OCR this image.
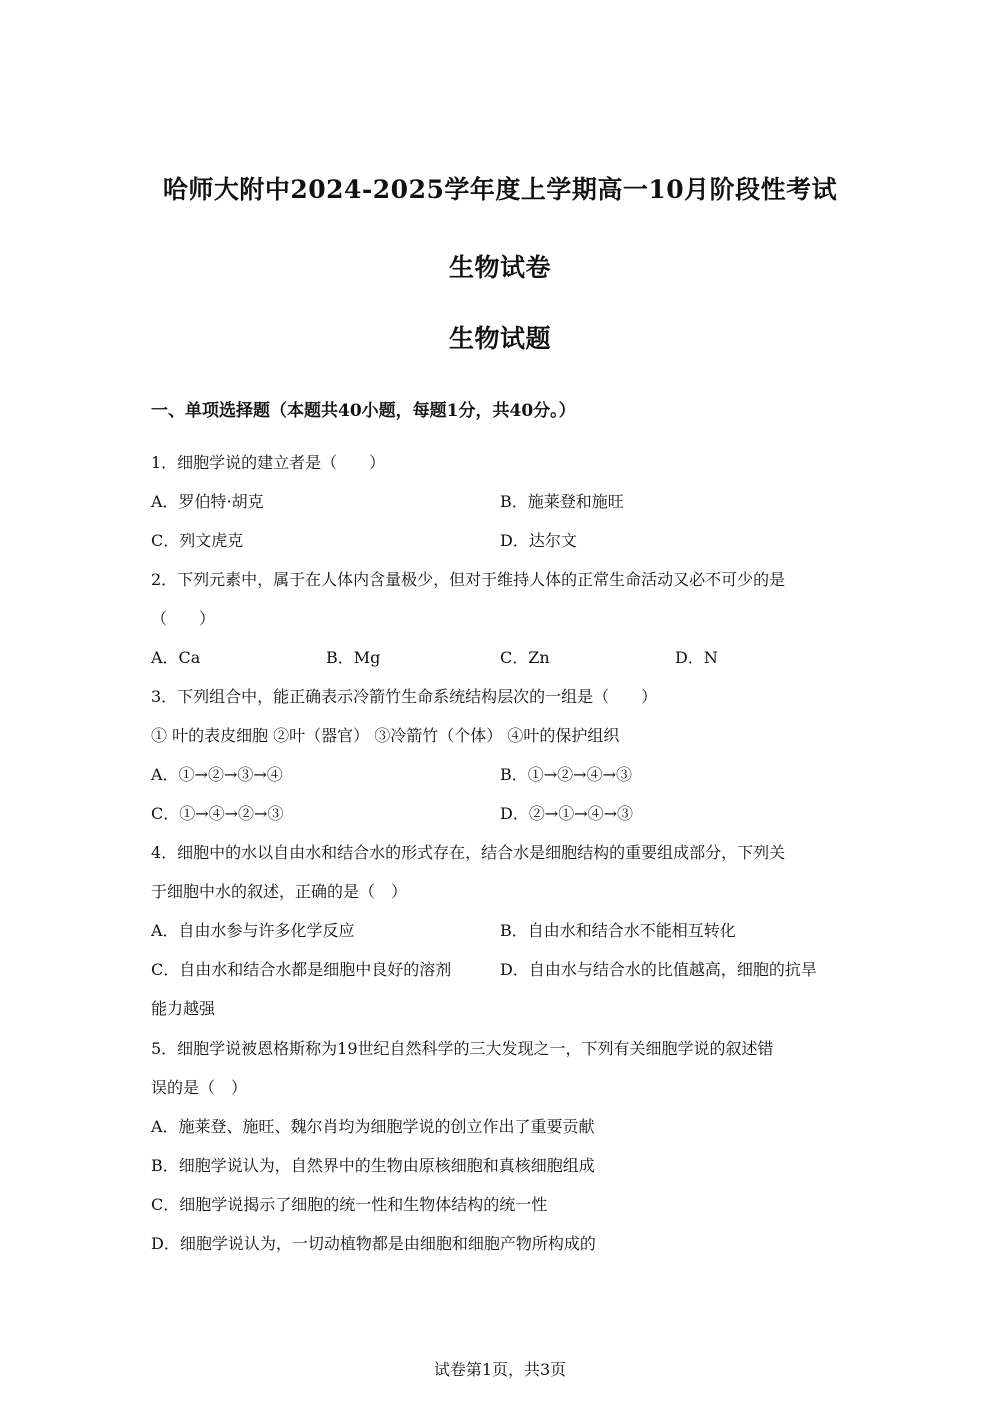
哈师大附中2024-2025学年度上学期高一10月阶段性考试
生物试卷
生物试题
一、单项选择题（本题共40小题，每题1分，共40分。）
1．细胞学说的建立者是（　　）
A．罗伯特·胡克	B．施莱登和施旺
C．列文虎克	D．达尔文
2．下列元素中，属于在人体内含量极少，但对于维持人体的正常生命活动又必不可少的是
（　　）
A．Ca	B．Mg	C．Zn	D．N
3．下列组合中，能正确表示冷箭竹生命系统结构层次的一组是（　　）
① 叶的表皮细胞 ②叶（器官） ③冷箭竹（个体） ④叶的保护组织
A．①→②→③→④	B．①→②→④→③
C．①→④→②→③	D．②→①→④→③
4．细胞中的水以自由水和结合水的形式存在，结合水是细胞结构的重要组成部分，下列关
于细胞中水的叙述，正确的是（　）
A．自由水参与许多化学反应	B．自由水和结合水不能相互转化
C．自由水和结合水都是细胞中良好的溶剂	D．自由水与结合水的比值越高，细胞的抗旱
能力越强
5．细胞学说被恩格斯称为19世纪自然科学的三大发现之一，下列有关细胞学说的叙述错
误的是（　）
A．施莱登、施旺、魏尔肖均为细胞学说的创立作出了重要贡献
B．细胞学说认为，自然界中的生物由原核细胞和真核细胞组成
C．细胞学说揭示了细胞的统一性和生物体结构的统一性
D．细胞学说认为，一切动植物都是由细胞和细胞产物所构成的
试卷第1页，共3页
